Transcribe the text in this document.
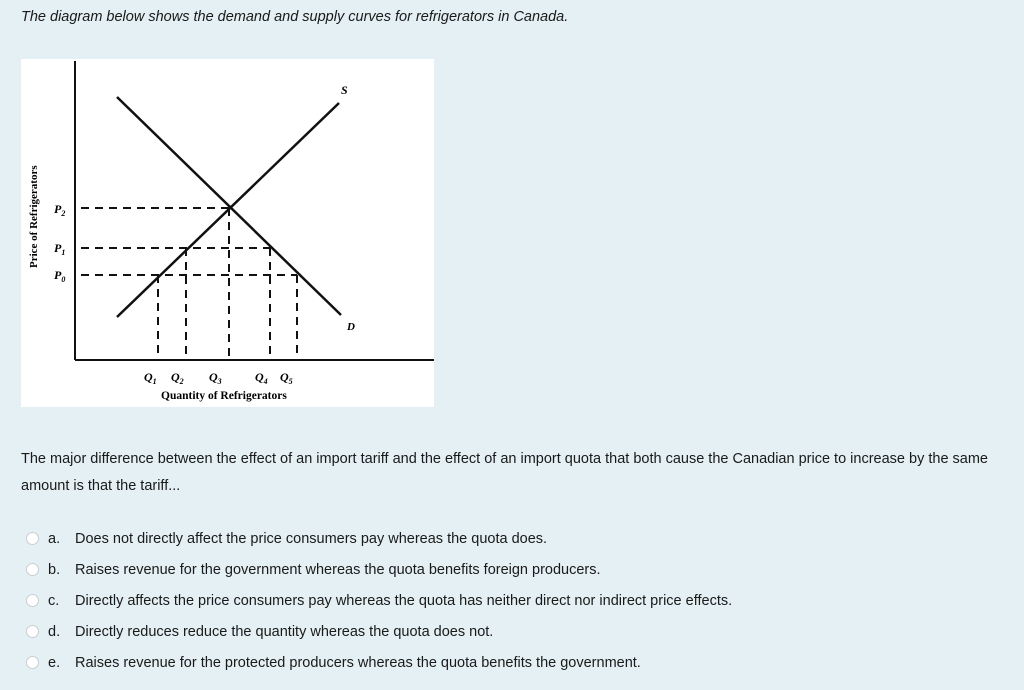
The diagram below shows the demand and supply curves for refrigerators in Canada.

S
D
$P_2$
$P_1$
$P_0$
$Q_1$ $Q_2$ $Q_3$	$Q_4$ $Q_5$
Quantity of Refrigerators
Price of Refrigerators

The major difference between the effect of an import tariff and the effect of an import quota that both cause the Canadian price to increase by the same amount is that the tariff...

a.	Does not directly affect the price consumers pay whereas the quota does.
b.	Raises revenue for the government whereas the quota benefits foreign producers.
c.	Directly affects the price consumers pay whereas the quota has neither direct nor indirect price effects.
d.	Directly reduces reduce the quantity whereas the quota does not.
e.	Raises revenue for the protected producers whereas the quota benefits the government.
